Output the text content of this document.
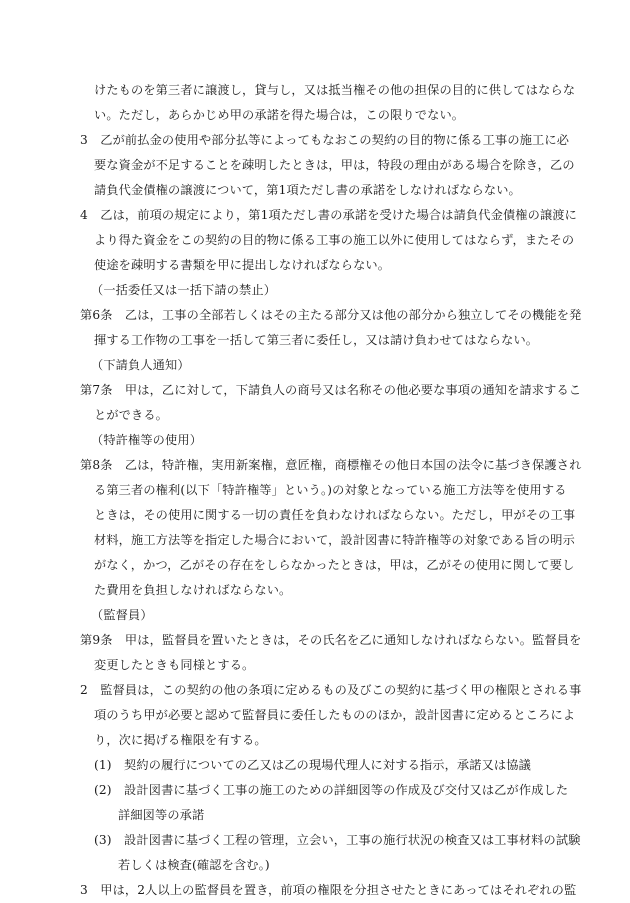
けたものを第三者に譲渡し，貸与し，又は抵当権その他の担保の目的に供してはならな
い。ただし，あらかじめ甲の承諾を得た場合は，この限りでない。
3　乙が前払金の使用や部分払等によってもなおこの契約の目的物に係る工事の施工に必
要な資金が不足することを疎明したときは，甲は，特段の理由がある場合を除き，乙の
請負代金債権の譲渡について，第1項ただし書の承諾をしなければならない。
4　乙は，前項の規定により，第1項ただし書の承諾を受けた場合は請負代金債権の譲渡に
より得た資金をこの契約の目的物に係る工事の施工以外に使用してはならず，またその
使途を疎明する書類を甲に提出しなければならない。
（一括委任又は一括下請の禁止）
第6条　乙は，工事の全部若しくはその主たる部分又は他の部分から独立してその機能を発
揮する工作物の工事を一括して第三者に委任し，又は請け負わせてはならない。
（下請負人通知）
第7条　甲は，乙に対して，下請負人の商号又は名称その他必要な事項の通知を請求するこ
とができる。
（特許権等の使用）
第8条　乙は，特許権，実用新案権，意匠権，商標権その他日本国の法令に基づき保護され
る第三者の権利(以下「特許権等」という。)の対象となっている施工方法等を使用する
ときは，その使用に関する一切の責任を負わなければならない。ただし，甲がその工事
材料，施工方法等を指定した場合において，設計図書に特許権等の対象である旨の明示
がなく，かつ，乙がその存在をしらなかったときは，甲は，乙がその使用に関して要し
た費用を負担しなければならない。
（監督員）
第9条　甲は，監督員を置いたときは，その氏名を乙に通知しなければならない。監督員を
変更したときも同様とする。
2　監督員は，この契約の他の条項に定めるもの及びこの契約に基づく甲の権限とされる事
項のうち甲が必要と認めて監督員に委任したもののほか，設計図書に定めるところによ
り，次に掲げる権限を有する。
(1)　契約の履行についての乙又は乙の現場代理人に対する指示，承諾又は協議
(2)　設計図書に基づく工事の施工のための詳細図等の作成及び交付又は乙が作成した
詳細図等の承諾
(3)　設計図書に基づく工程の管理，立会い，工事の施行状況の検査又は工事材料の試験
若しくは検査(確認を含む。)
3　甲は，2人以上の監督員を置き，前項の権限を分担させたときにあってはそれぞれの監
